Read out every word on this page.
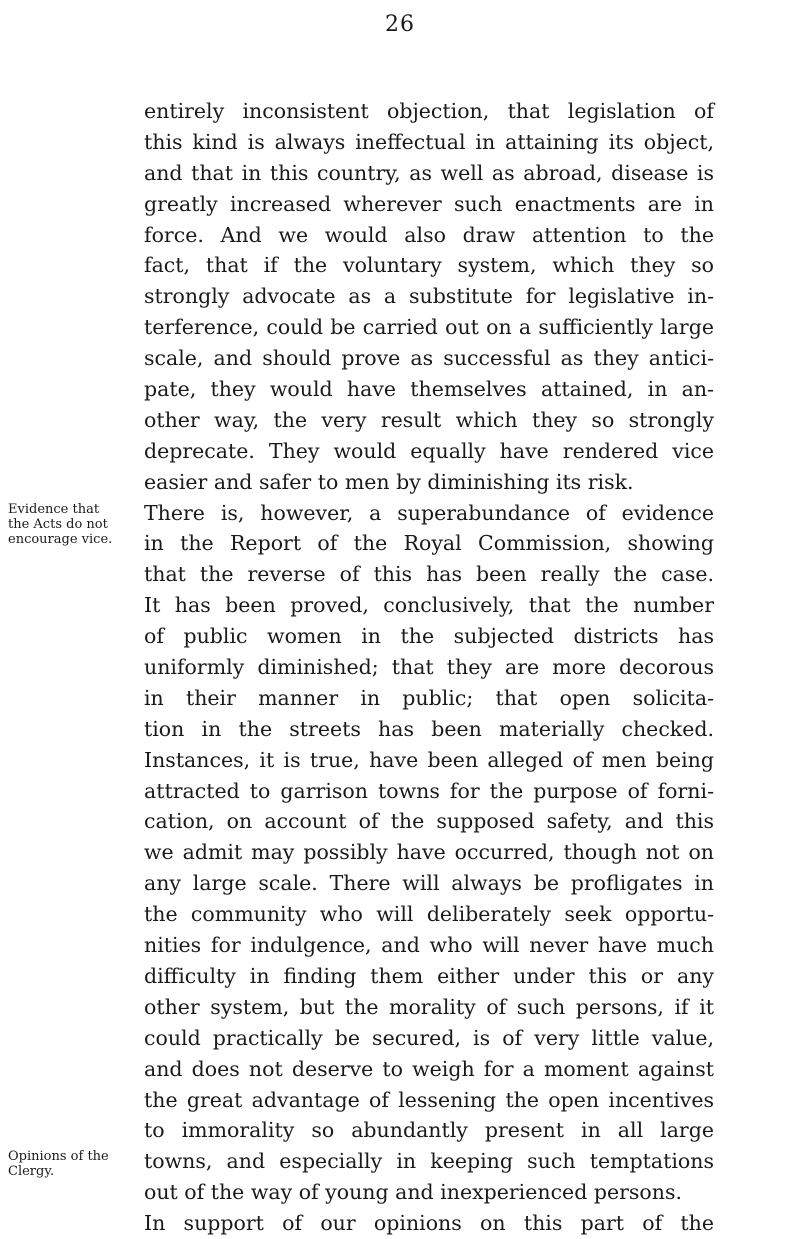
26
Evidence that
the Acts do not
encourage vice.
Opinions of the
Clergy.
entirely inconsistent objection, that legislation of
this kind is always ineffectual in attaining its object,
and that in this country, as well as abroad, disease is
greatly increased wherever such enactments are in
force. And we would also draw attention to the
fact, that if the voluntary system, which they so
strongly advocate as a substitute for legislative in-
terference, could be carried out on a sufficiently large
scale, and should prove as successful as they antici-
pate, they would have themselves attained, in an-
other way, the very result which they so strongly
deprecate. They would equally have rendered vice
easier and safer to men by diminishing its risk.
There is, however, a superabundance of evidence
in the Report of the Royal Commission, showing
that the reverse of this has been really the case.
It has been proved, conclusively, that the number
of public women in the subjected districts has
uniformly diminished; that they are more decorous
in their manner in public; that open solicita-
tion in the streets has been materially checked.
Instances, it is true, have been alleged of men being
attracted to garrison towns for the purpose of forni-
cation, on account of the supposed safety, and this
we admit may possibly have occurred, though not on
any large scale. There will always be profligates in
the community who will deliberately seek opportu-
nities for indulgence, and who will never have much
difficulty in finding them either under this or any
other system, but the morality of such persons, if it
could practically be secured, is of very little value,
and does not deserve to weigh for a moment against
the great advantage of lessening the open incentives
to immorality so abundantly present in all large
towns, and especially in keeping such temptations
out of the way of young and inexperienced persons.
In support of our opinions on this part of the
